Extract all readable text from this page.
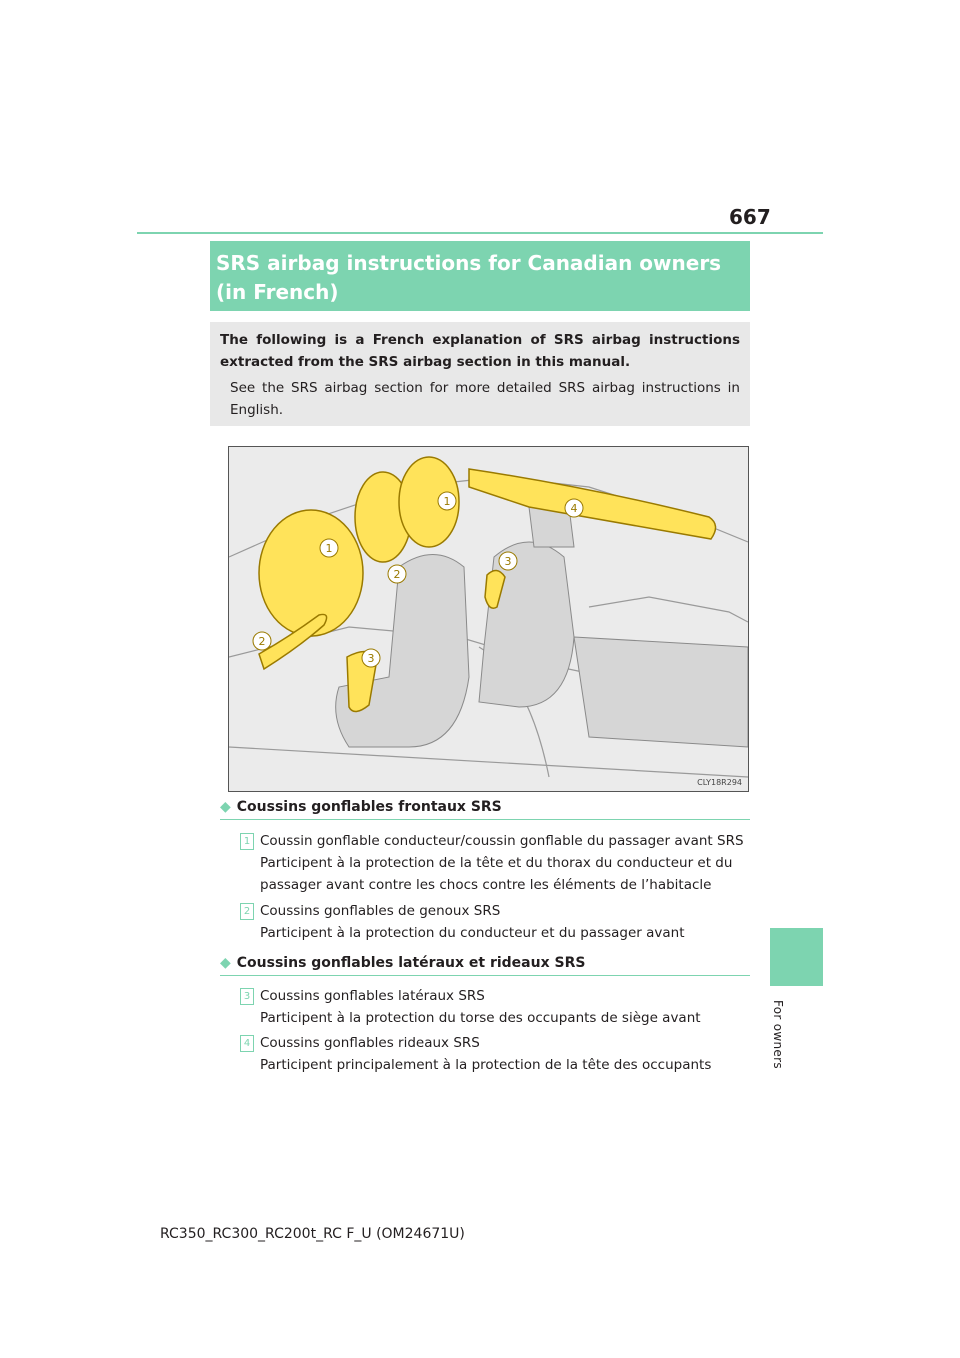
667
For owners
SRS airbag instructions for Canadian owners (in French)
The following is a French explanation of SRS airbag instructions extracted from the SRS airbag section in this manual.
See the SRS airbag section for more detailed SRS airbag instructions in English.
1
1
2
2
3
3
4
CLY18R294
◆ Coussins gonflables frontaux SRS
1 Coussin gonflable conducteur/coussin gonflable du passager avant SRS
Participent à la protection de la tête et du thorax du conducteur et du passager avant contre les chocs contre les éléments de l’habitacle
2 Coussins gonflables de genoux SRS
Participent à la protection du conducteur et du passager avant
◆ Coussins gonflables latéraux et rideaux SRS
3 Coussins gonflables latéraux SRS
Participent à la protection du torse des occupants de siège avant
4 Coussins gonflables rideaux SRS
Participent principalement à la protection de la tête des occupants
RC350_RC300_RC200t_RC F_U (OM24671U)
